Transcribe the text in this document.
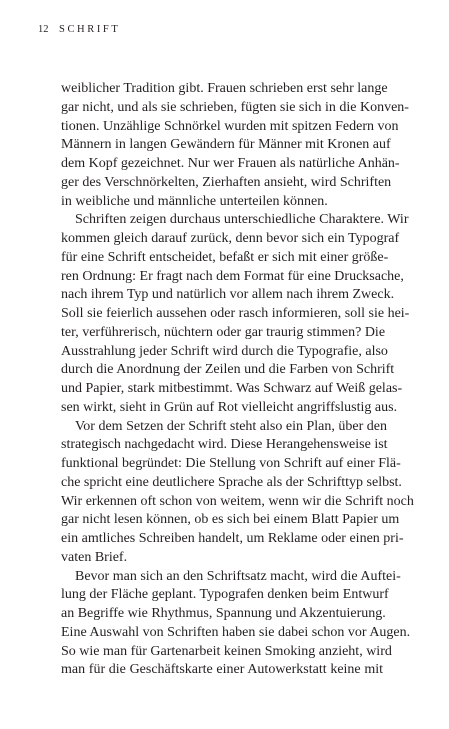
12 SCHRIFT
weiblicher Tradition gibt. Frauen schrieben erst sehr lange
gar nicht, und als sie schrieben, fügten sie sich in die Konven-
tionen. Unzählige Schnörkel wurden mit spitzen Federn von
Männern in langen Gewändern für Männer mit Kronen auf
dem Kopf gezeichnet. Nur wer Frauen als natürliche Anhän-
ger des Verschnörkelten, Zierhaften ansieht, wird Schriften
in weibliche und männliche unterteilen können.
Schriften zeigen durchaus unterschiedliche Charaktere. Wir
kommen gleich darauf zurück, denn bevor sich ein Typograf
für eine Schrift entscheidet, befaßt er sich mit einer größe-
ren Ordnung: Er fragt nach dem Format für eine Drucksache,
nach ihrem Typ und natürlich vor allem nach ihrem Zweck.
Soll sie feierlich aussehen oder rasch informieren, soll sie hei-
ter, verführerisch, nüchtern oder gar traurig stimmen? Die
Ausstrahlung jeder Schrift wird durch die Typografie, also
durch die Anordnung der Zeilen und die Farben von Schrift
und Papier, stark mitbestimmt. Was Schwarz auf Weiß gelas-
sen wirkt, sieht in Grün auf Rot vielleicht angriffslustig aus.
Vor dem Setzen der Schrift steht also ein Plan, über den
strategisch nachgedacht wird. Diese Herangehensweise ist
funktional begründet: Die Stellung von Schrift auf einer Flä-
che spricht eine deutlichere Sprache als der Schrifttyp selbst.
Wir erkennen oft schon von weitem, wenn wir die Schrift noch
gar nicht lesen können, ob es sich bei einem Blatt Papier um
ein amtliches Schreiben handelt, um Reklame oder einen pri-
vaten Brief.
Bevor man sich an den Schriftsatz macht, wird die Auftei-
lung der Fläche geplant. Typografen denken beim Entwurf
an Begriffe wie Rhythmus, Spannung und Akzentuierung.
Eine Auswahl von Schriften haben sie dabei schon vor Augen.
So wie man für Gartenarbeit keinen Smoking anzieht, wird
man für die Geschäftskarte einer Autowerkstatt keine mit
